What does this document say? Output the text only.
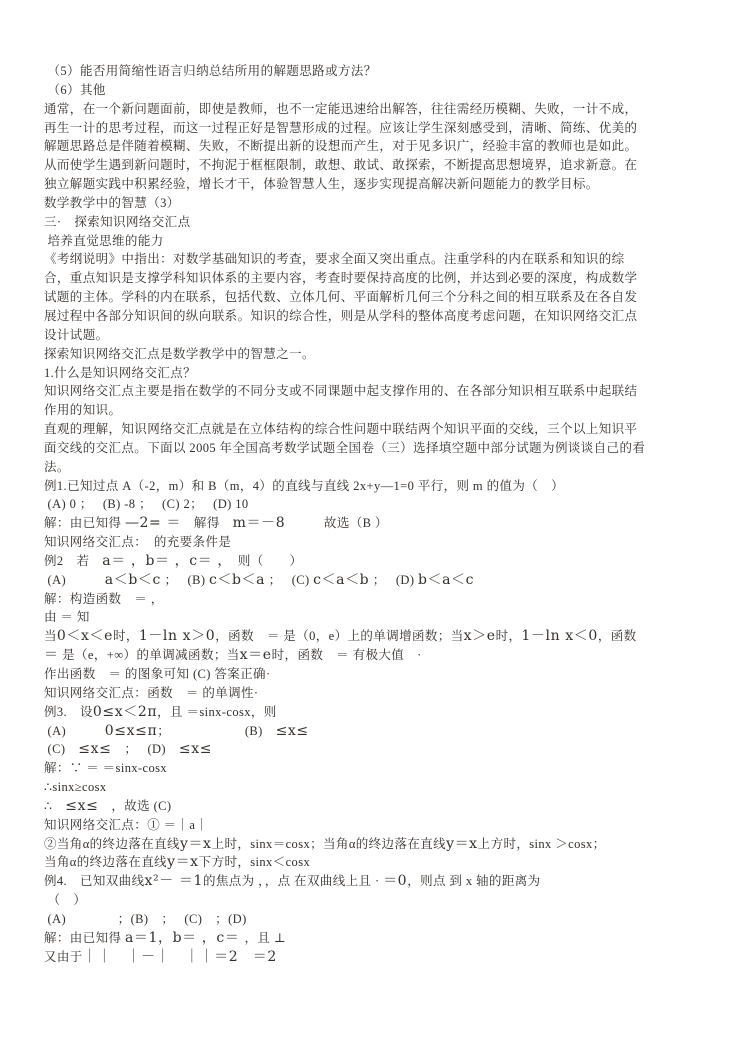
（5）能否用简缩性语言归纳总结所用的解题思路或方法？
（6）其他
通常，在一个新问题面前，即使是教师，也不一定能迅速给出解答，往往需经历模糊、失败，一计不成，
再生一计的思考过程，而这一过程正好是智慧形成的过程。应该让学生深刻感受到，清晰、简练、优美的
解题思路总是伴随着模糊、失败，不断提出新的设想而产生，对于见多识广，经验丰富的教师也是如此。
从而使学生遇到新问题时，不拘泥于框框限制，敢想、敢试、敢探索，不断提高思想境界，追求新意。在
独立解题实践中积累经验，增长才干，体验智慧人生，逐步实现提高解决新问题能力的教学目标。
数学教学中的智慧（3）
三·　探索知识网络交汇点
培养直觉思维的能力
《考纲说明》中指出：对数学基础知识的考查，要求全面又突出重点。注重学科的内在联系和知识的综
合，重点知识是支撑学科知识体系的主要内容，考查时要保持高度的比例，并达到必要的深度，构成数学
试题的主体。学科的内在联系，包括代数、立体几何、平面解析几何三个分科之间的相互联系及在各自发
展过程中各部分知识间的纵向联系。知识的综合性，则是从学科的整体高度考虑问题，在知识网络交汇点
设计试题。
探索知识网络交汇点是数学教学中的智慧之一。
1.什么是知识网络交汇点？
知识网络交汇点主要是指在数学的不同分支或不同课题中起支撑作用的、在各部分知识相互联系中起联结
作用的知识。
直观的理解，知识网络交汇点就是在立体结构的综合性问题中联结两个知识平面的交线，三个以上知识平
面交线的交汇点。下面以 2005 年全国高考数学试题全国卷（三）选择填空题中部分试题为例谈谈自己的看
法。
例1.已知过点 A（-2，m）和 B（m，4）的直线与直线 2x+y—1=0 平行，则 m 的值为（　）
(A) 0 ；　 (B) -8 ；　 (C) 2；　 (D) 10
解：由已知得 —2= ＝　解得　m＝－8　　　故选（B ）
知识网络交汇点：　的充要条件是
例2　若　a＝ ，b＝ ，c＝ ，　则（　　）
(A)　　　a＜b＜c ；　 (B) c＜b＜a ；　 (C) c＜a＜b ；　 (D) b＜a＜c
解：构造函数　＝ ，
由 ＝ 知
当0＜x＜e时，1－ln x＞0，函数　＝ 是（0，e）上的单调增函数；当x＞e时，1－ln x＜0，函数
＝ 是（e，+∞）的单调减函数；当x＝e时，函数　＝ 有极大值　·
作出函数　＝ 的图象可知 (C) 答案正确·
知识网络交汇点：函数　＝ 的单调性·
例3.　设0≤x＜2π，且 ＝sinx-cosx，则
(A)　　　0≤x≤π；　　　　　　 (B)　≤x≤
(C)　≤x≤　；　 (D)　≤x≤
解：∵ ＝ ＝sinx-cosx
∴sinx≥cosx
∴　≤x≤　，故选 (C)
知识网络交汇点：① ＝｜a｜
②当角α的终边落在直线y＝x上时，sinx＝cosx；当角α的终边落在直线y＝x上方时，sinx ＞cosx；
当角α的终边落在直线y＝x下方时，sinx＜cosx
例4.　已知双曲线x²－ ＝1的焦点为 ，，点 在双曲线上且 · ＝0，则点 到 x 轴的距离为
（　）
(A)　　　　；(B)　；　 (C)　；(D)
解：由已知得 a＝1，b＝ ，c＝ ，且 ⊥
又由于｜｜　｜－｜　｜｜＝2　＝2
